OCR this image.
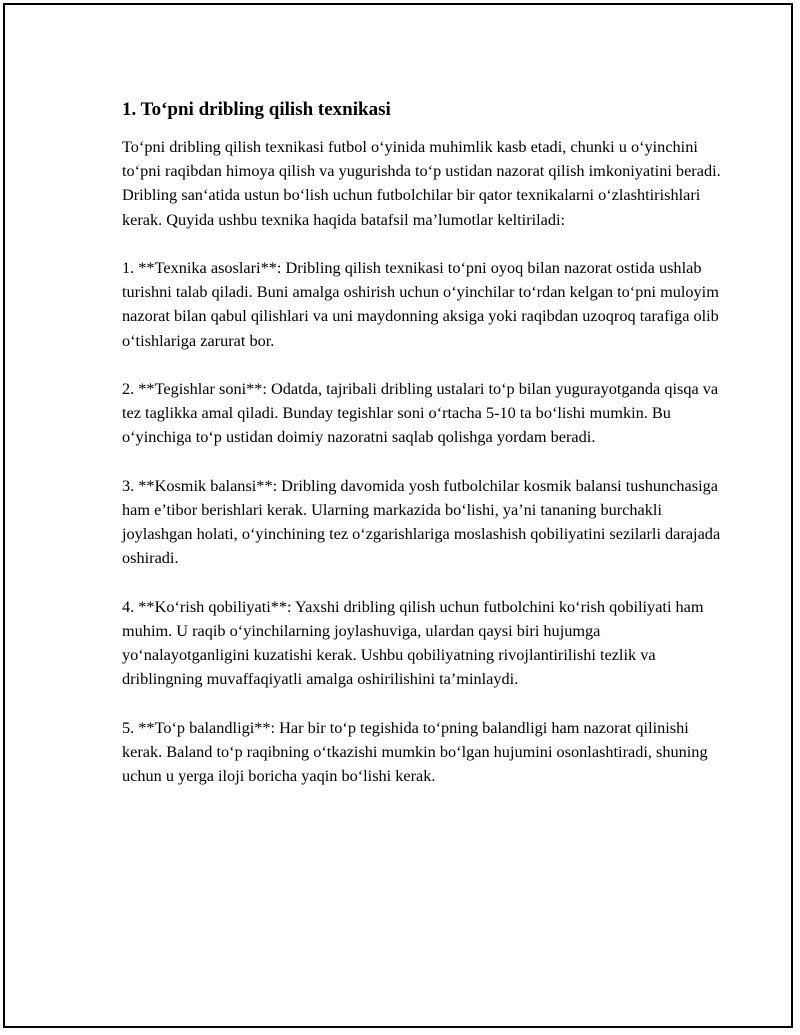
1. To‘pni dribling qilish texnikasi

To‘pni dribling qilish texnikasi futbol o‘yinida muhimlik kasb etadi, chunki u o‘yinchini to‘pni raqibdan himoya qilish va yugurishda to‘p ustidan nazorat qilish imkoniyatini beradi. Dribling san‘atida ustun bo‘lish uchun futbolchilar bir qator texnikalarni o‘zlashtirishlari kerak. Quyida ushbu texnika haqida batafsil ma’lumotlar keltiriladi:

1. **Texnika asoslari**: Dribling qilish texnikasi to‘pni oyoq bilan nazorat ostida ushlab turishni talab qiladi. Buni amalga oshirish uchun o‘yinchilar to‘rdan kelgan to‘pni muloyim nazorat bilan qabul qilishlari va uni maydonning aksiga yoki raqibdan uzoqroq tarafiga olib o‘tishlariga zarurat bor.

2. **Tegishlar soni**: Odatda, tajribali dribling ustalari to‘p bilan yugurayotganda qisqa va tez taglikka amal qiladi. Bunday tegishlar soni o‘rtacha 5-10 ta bo‘lishi mumkin. Bu o‘yinchiga to‘p ustidan doimiy nazoratni saqlab qolishga yordam beradi.

3. **Kosmik balansi**: Dribling davomida yosh futbolchilar kosmik balansi tushunchasiga ham e’tibor berishlari kerak. Ularning markazida bo‘lishi, ya’ni tananing burchakli joylashgan holati, o‘yinchining tez o‘zgarishlariga moslashish qobiliyatini sezilarli darajada oshiradi.

4. **Ko‘rish qobiliyati**: Yaxshi dribling qilish uchun futbolchini ko‘rish qobiliyati ham muhim. U raqib o‘yinchilarning joylashuviga, ulardan qaysi biri hujumga yo‘nalayotganligini kuzatishi kerak. Ushbu qobiliyatning rivojlantirilishi tezlik va driblingning muvaffaqiyatli amalga oshirilishini ta’minlaydi.

5. **To‘p balandligi**: Har bir to‘p tegishida to‘pning balandligi ham nazorat qilinishi kerak. Baland to‘p raqibning o‘tkazishi mumkin bo‘lgan hujumini osonlashtiradi, shuning uchun u yerga iloji boricha yaqin bo‘lishi kerak.
